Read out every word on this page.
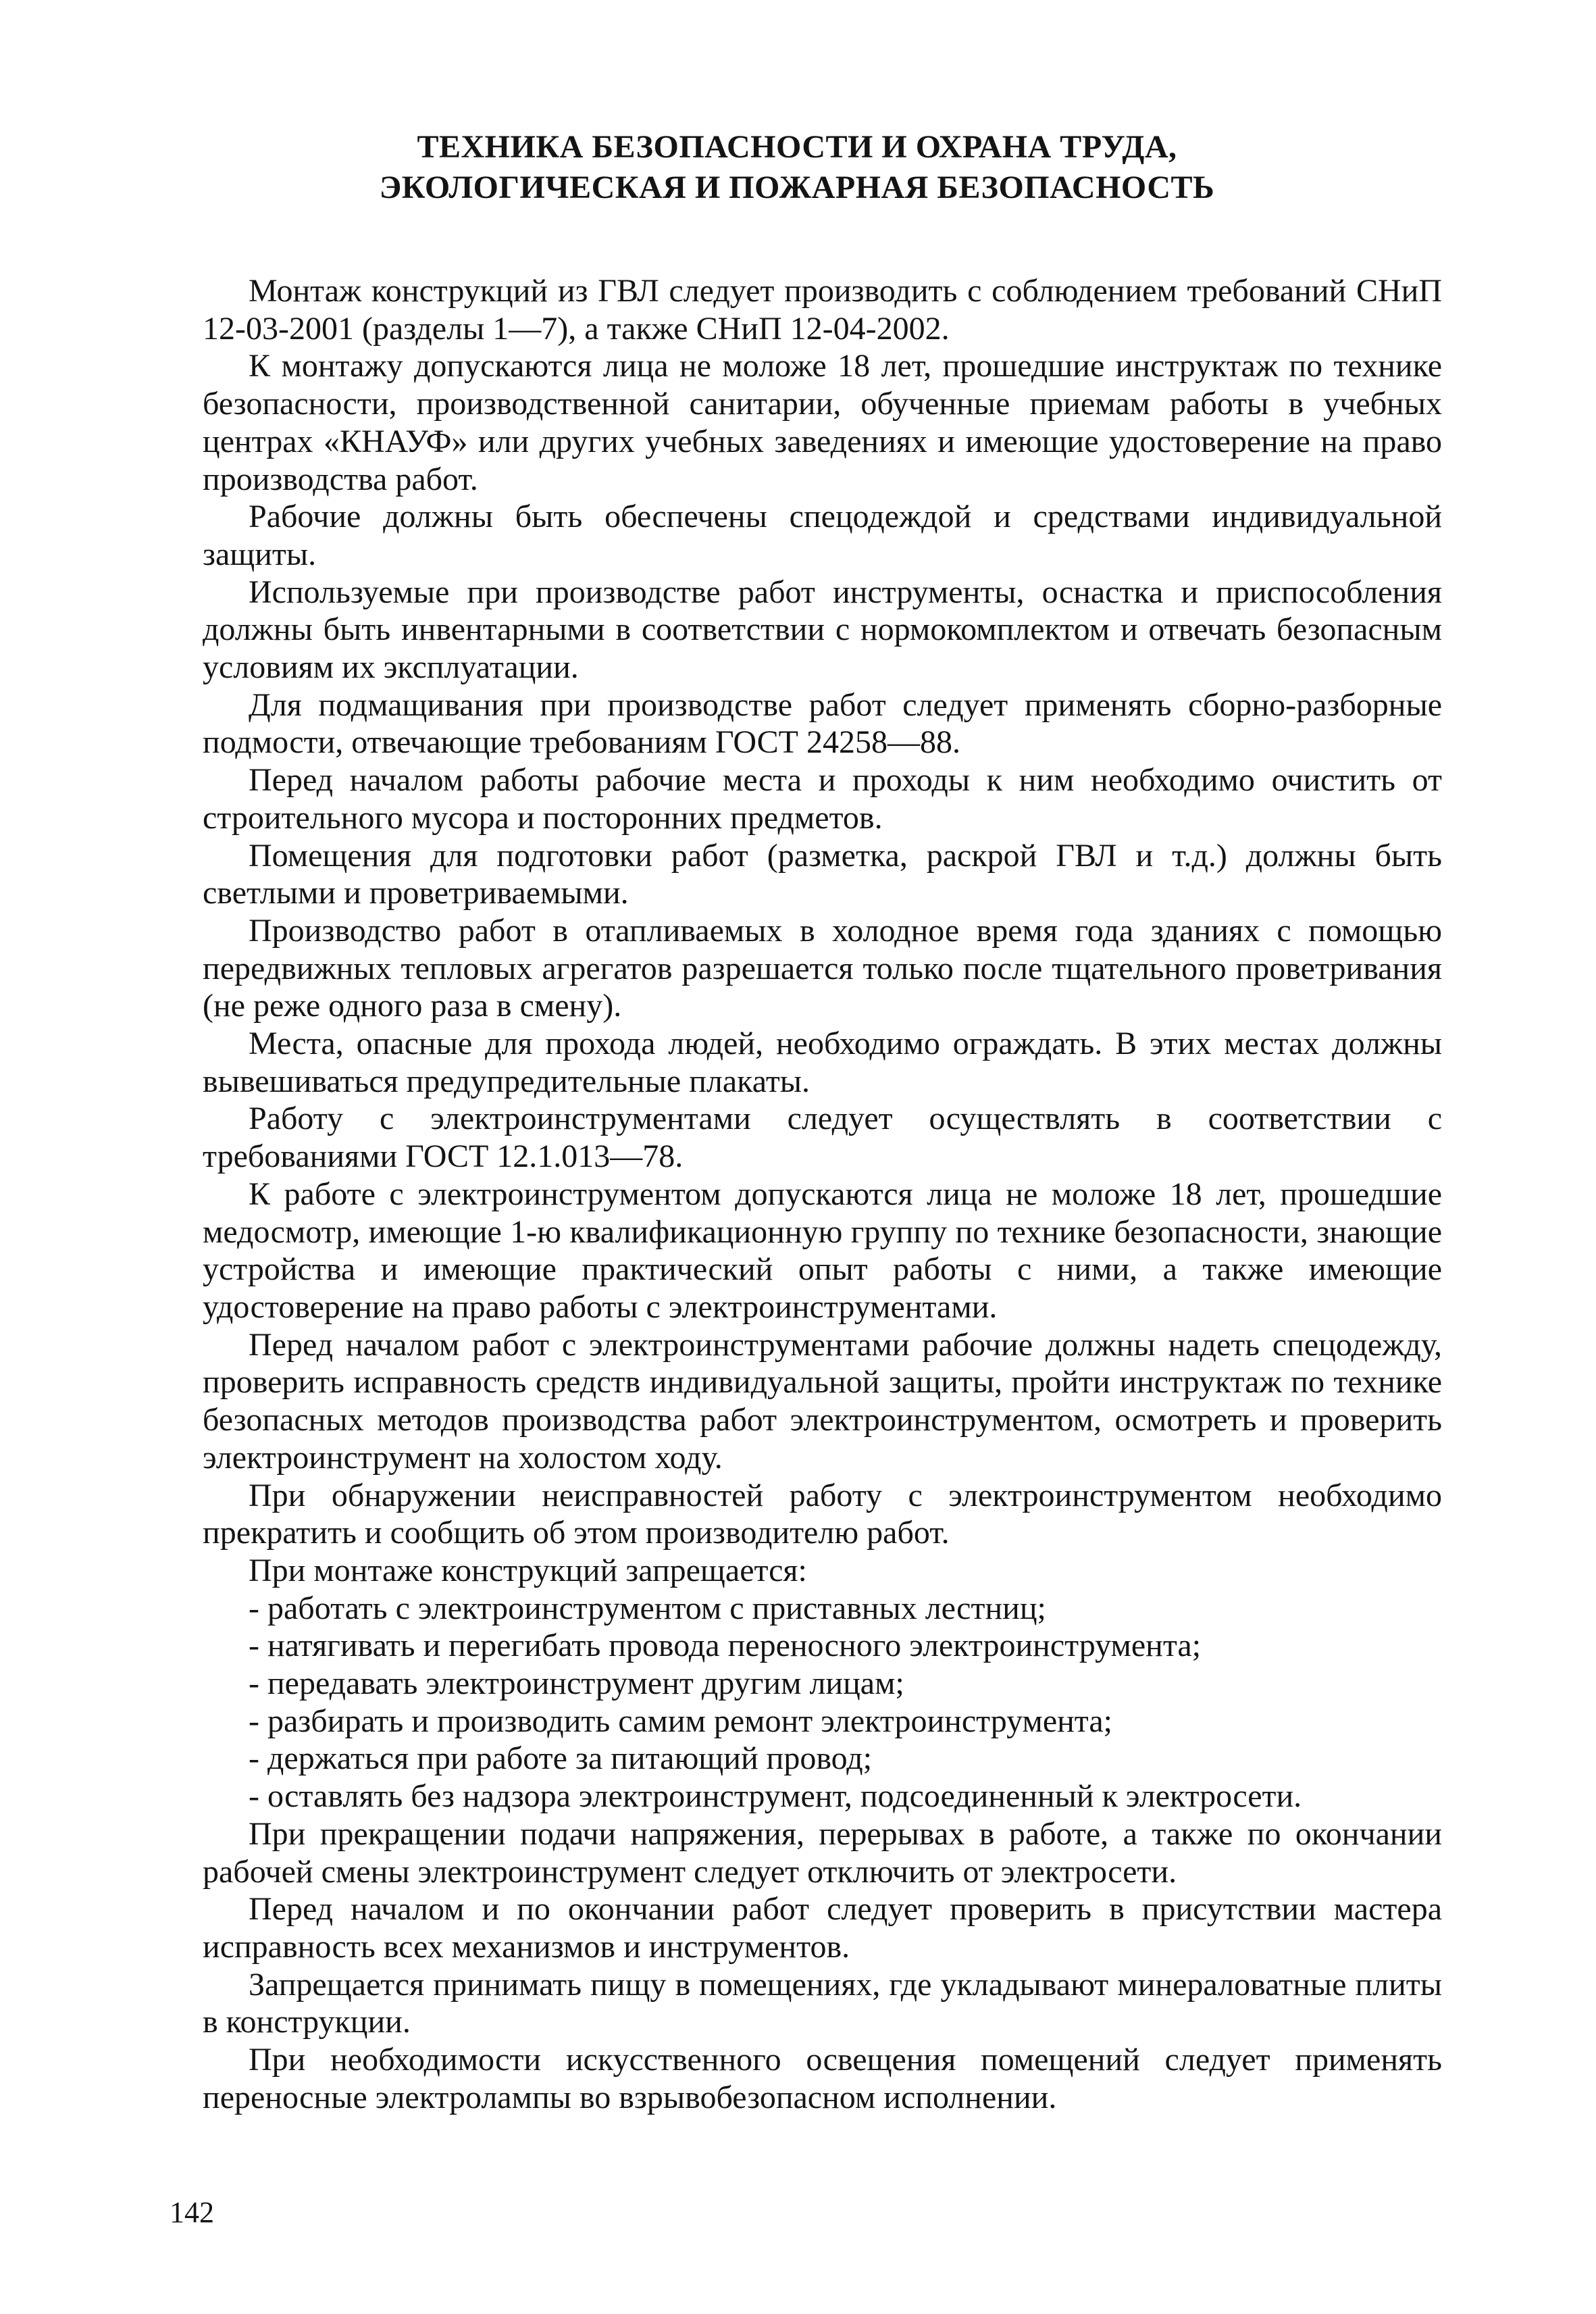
ТЕХНИКА БЕЗОПАСНОСТИ И ОХРАНА ТРУДА,
ЭКОЛОГИЧЕСКАЯ И ПОЖАРНАЯ БЕЗОПАСНОСТЬ

Монтаж конструкций из ГВЛ следует производить с соблюдением требований СНиП 12-03-2001 (разделы 1—7), а также СНиП 12-04-2002.

К монтажу допускаются лица не моложе 18 лет, прошедшие инструктаж по технике безопасности, производственной санитарии, обученные приемам работы в учебных центрах «КНАУФ» или других учебных заведениях и имеющие удостоверение на право производства работ.

Рабочие должны быть обеспечены спецодеждой и средствами индивидуальной защиты.

Используемые при производстве работ инструменты, оснастка и приспособления должны быть инвентарными в соответствии с нормокомплектом и отвечать безопасным условиям их эксплуатации.

Для подмащивания при производстве работ следует применять сборно-разборные подмости, отвечающие требованиям ГОСТ 24258—88.

Перед началом работы рабочие места и проходы к ним необходимо очистить от строительного мусора и посторонних предметов.

Помещения для подготовки работ (разметка, раскрой ГВЛ и т.д.) должны быть светлыми и проветриваемыми.

Производство работ в отапливаемых в холодное время года зданиях с помощью передвижных тепловых агрегатов разрешается только после тщательного проветривания (не реже одного раза в смену).

Места, опасные для прохода людей, необходимо ограждать. В этих местах должны вывешиваться предупредительные плакаты.

Работу с электроинструментами следует осуществлять в соответствии с требованиями ГОСТ 12.1.013—78.

К работе с электроинструментом допускаются лица не моложе 18 лет, прошедшие медосмотр, имеющие 1-ю квалификационную группу по технике безопасности, знающие устройства и имеющие практический опыт работы с ними, а также имеющие удостоверение на право работы с электроинструментами.

Перед началом работ с электроинструментами рабочие должны надеть спецодежду, проверить исправность средств индивидуальной защиты, пройти инструктаж по технике безопасных методов производства работ электроинструментом, осмотреть и проверить электроинструмент на холостом ходу.

При обнаружении неисправностей работу с электроинструментом необходимо прекратить и сообщить об этом производителю работ.

При монтаже конструкций запрещается:

- работать с электроинструментом с приставных лестниц;

- натягивать и перегибать провода переносного электроинструмента;

- передавать электроинструмент другим лицам;

- разбирать и производить самим ремонт электроинструмента;

- держаться при работе за питающий провод;

- оставлять без надзора электроинструмент, подсоединенный к электросети.

При прекращении подачи напряжения, перерывах в работе, а также по окончании рабочей смены электроинструмент следует отключить от электросети.

Перед началом и по окончании работ следует проверить в присутствии мастера исправность всех механизмов и инструментов.

Запрещается принимать пищу в помещениях, где укладывают минераловатные плиты в конструкции.

При необходимости искусственного освещения помещений следует применять переносные электролампы во взрывобезопасном исполнении.

142
